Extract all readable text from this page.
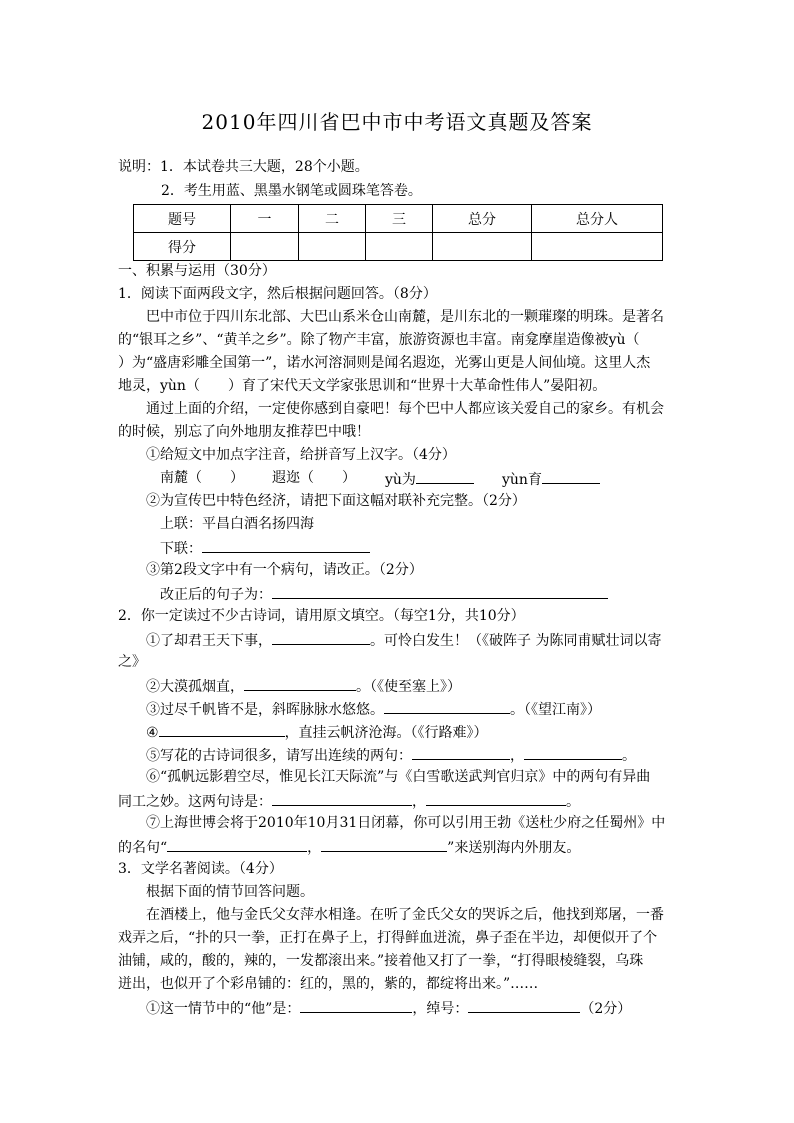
2010年四川省巴中市中考语文真题及答案
说明：1．本试卷共三大题，28个小题。
2．考生用蓝、黑墨水钢笔或圆珠笔答卷。
题号	一	二	三	总分	总分人
得分					
一、积累与运用（30分）
1．阅读下面两段文字，然后根据问题回答。（8分）
巴中市位于四川东北部、大巴山系米仓山南麓，是川东北的一颗璀璨的明珠。是著名
的“银耳之乡”、“黄羊之乡”。除了物产丰富，旅游资源也丰富。南龛摩崖造像被yù（
）为“盛唐彩雕全国第一”，诺水河溶洞则是闻名遐迩，光雾山更是人间仙境。这里人杰
地灵，yùn（　　）育了宋代天文学家张思训和“世界十大革命性伟人”晏阳初。
通过上面的介绍，一定使你感到自豪吧！每个巴中人都应该关爱自己的家乡。有机会
的时候，别忘了向外地朋友推荐巴中哦！
①给短文中加点字注音，给拼音写上汉字。（4分）
南麓（　　） 遐迩（　　） yù为	yùn育
②为宣传巴中特色经济，请把下面这幅对联补充完整。（2分）
上联：平昌白酒名扬四海
下联：
③第2段文字中有一个病句，请改正。（2分）
改正后的句子为：
2．你一定读过不少古诗词，请用原文填空。（每空1分，共10分）
①了却君王天下事，	。可怜白发生！（《破阵子 为陈同甫赋壮词以寄
之》
②大漠孤烟直，	。（《使至塞上》）
③过尽千帆皆不是，斜晖脉脉水悠悠。	。（《望江南》）
④	，直挂云帆济沧海。（《行路难》）
⑤写花的古诗词很多，请写出连续的两句：	，	。
⑥“孤帆远影碧空尽，惟见长江天际流”与《白雪歌送武判官归京》中的两句有异曲
同工之妙。这两句诗是：	，	。
⑦上海世博会将于2010年10月31日闭幕，你可以引用王勃《送杜少府之任蜀州》中
的名句“	，	”来送别海内外朋友。
3．文学名著阅读。（4分）
根据下面的情节回答问题。
在酒楼上，他与金氏父女萍水相逢。在听了金氏父女的哭诉之后，他找到郑屠，一番
戏弄之后，“扑的只一拳，正打在鼻子上，打得鲜血迸流，鼻子歪在半边，却便似开了个
油铺，咸的，酸的，辣的，一发都滚出来。”接着他又打了一拳，“打得眼棱缝裂，乌珠
迸出，也似开了个彩帛铺的：红的，黑的，紫的，都绽将出来。”……
①这一情节中的“他”是：	，绰号：	（2分）
